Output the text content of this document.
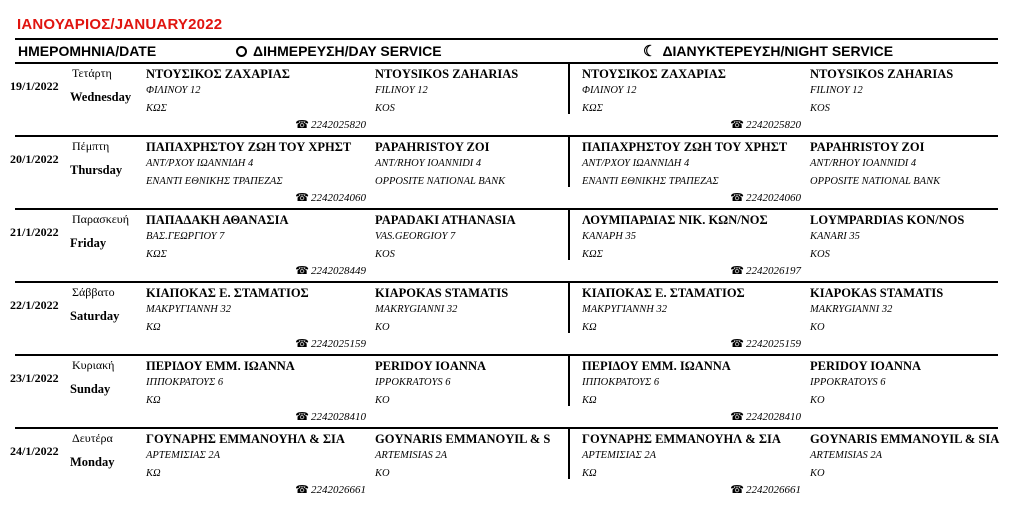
ΙΑΝΟΥΑΡΙΟΣ/JANUARY2022
ΗΜΕΡΟΜΗΝΙΑ/DATE	ΔΙΗΜΕΡΕΥΣΗ/DAY SERVICE	☾ ΔΙΑΝΥΚΤΕΡΕΥΣΗ/NIGHT SERVICE
19/1/2022
Τετάρτη
Wednesday
ΝΤΟΥΣΙΚΟΣ ΖΑΧΑΡΙΑΣ
ΦΙΛΙΝΟΥ 12
ΚΩΣ
NTOYSIKOS ZAHARIAS
FILINOY 12
KOS
☎ 2242025820
ΝΤΟΥΣΙΚΟΣ ΖΑΧΑΡΙΑΣ
ΦΙΛΙΝΟΥ 12
ΚΩΣ
NTOYSIKOS ZAHARIAS
FILINOY 12
KOS
☎ 2242025820
20/1/2022
Πέμπτη
Thursday
ΠΑΠΑΧΡΗΣΤΟΥ ΖΩΗ ΤΟΥ ΧΡΗΣΤ
ΑΝΤ/ΡΧΟΥ ΙΩΑΝΝΙΔΗ 4
ΕΝΑΝΤΙ ΕΘΝΙΚΗΣ ΤΡΑΠΕΖΑΣ
PAPAHRISTOY ZOI
ANT/RHOY IOANNIDI 4
OPPOSITE NATIONAL BANK
☎ 2242024060
ΠΑΠΑΧΡΗΣΤΟΥ ΖΩΗ ΤΟΥ ΧΡΗΣΤ
ΑΝΤ/ΡΧΟΥ ΙΩΑΝΝΙΔΗ 4
ΕΝΑΝΤΙ ΕΘΝΙΚΗΣ ΤΡΑΠΕΖΑΣ
PAPAHRISTOY ZOI
ANT/RHOY IOANNIDI 4
OPPOSITE NATIONAL BANK
☎ 2242024060
21/1/2022
Παρασκευή
Friday
ΠΑΠΑΔΑΚΗ ΑΘΑΝΑΣΙΑ
ΒΑΣ.ΓΕΩΡΓΙΟΥ 7
ΚΩΣ
PAPADAKI ATHANASIA
VAS.GEORGIOY 7
KOS
☎ 2242028449
ΛΟΥΜΠΑΡΔΙΑΣ ΝΙΚ. ΚΩΝ/ΝΟΣ
ΚΑΝΑΡΗ 35
ΚΩΣ
LOYMPARDIAS KON/NOS
KANARI 35
KOS
☎ 2242026197
22/1/2022
Σάββατο
Saturday
ΚΙΑΠΟΚΑΣ Ε. ΣΤΑΜΑΤΙΟΣ
ΜΑΚΡΥΓΙΑΝΝΗ 32
ΚΩ
KIAPOKAS STAMATIS
MAKRYGIANNI 32
KO
☎ 2242025159
ΚΙΑΠΟΚΑΣ Ε. ΣΤΑΜΑΤΙΟΣ
ΜΑΚΡΥΓΙΑΝΝΗ 32
ΚΩ
KIAPOKAS STAMATIS
MAKRYGIANNI 32
KO
☎ 2242025159
23/1/2022
Κυριακή
Sunday
ΠΕΡΙΔΟΥ ΕΜΜ. ΙΩΑΝΝΑ
ΙΠΠΟΚΡΑΤΟΥΣ 6
ΚΩ
PERIDOY IOANNA
IPPOKRATOYS 6
KO
☎ 2242028410
ΠΕΡΙΔΟΥ ΕΜΜ. ΙΩΑΝΝΑ
ΙΠΠΟΚΡΑΤΟΥΣ 6
ΚΩ
PERIDOY IOANNA
IPPOKRATOYS 6
KO
☎ 2242028410
24/1/2022
Δευτέρα
Monday
ΓΟΥΝΑΡΗΣ ΕΜΜΑΝΟΥΗΛ & ΣΙΑ
ΑΡΤΕΜΙΣΙΑΣ 2Α
ΚΩ
GOYNARIS EMMANOYIL & S
ARTEMISIAS 2A
KO
☎ 2242026661
ΓΟΥΝΑΡΗΣ ΕΜΜΑΝΟΥΗΛ & ΣΙΑ
ΑΡΤΕΜΙΣΙΑΣ 2Α
ΚΩ
GOYNARIS EMMANOYIL & SIA
ARTEMISIAS 2A
KO
☎ 2242026661
